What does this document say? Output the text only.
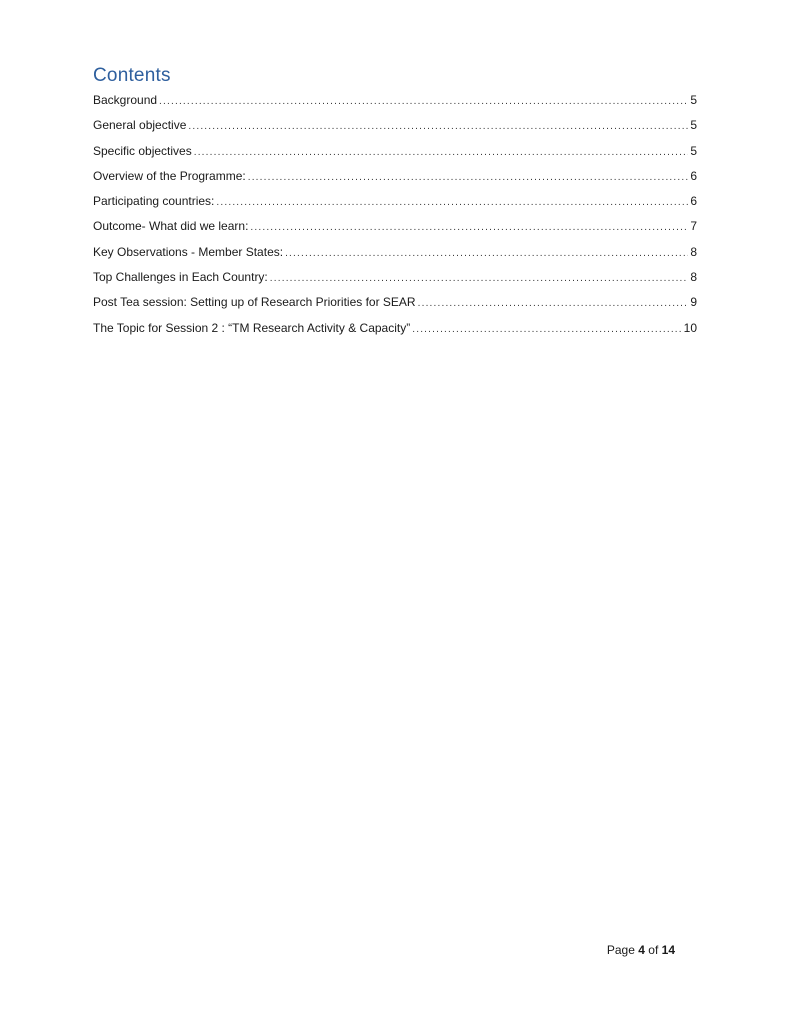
Contents
Background .....	5
General objective .....	5
Specific objectives .....	5
Overview of the Programme: .....	6
Participating countries: .....	6
Outcome- What did we learn: .....	7
Key Observations - Member States: .....	8
Top Challenges in Each Country: .....	8
Post Tea session: Setting up of Research Priorities for SEAR .....	9
The Topic for Session 2 : “TM Research Activity & Capacity” .....	10
Page 4 of 14
